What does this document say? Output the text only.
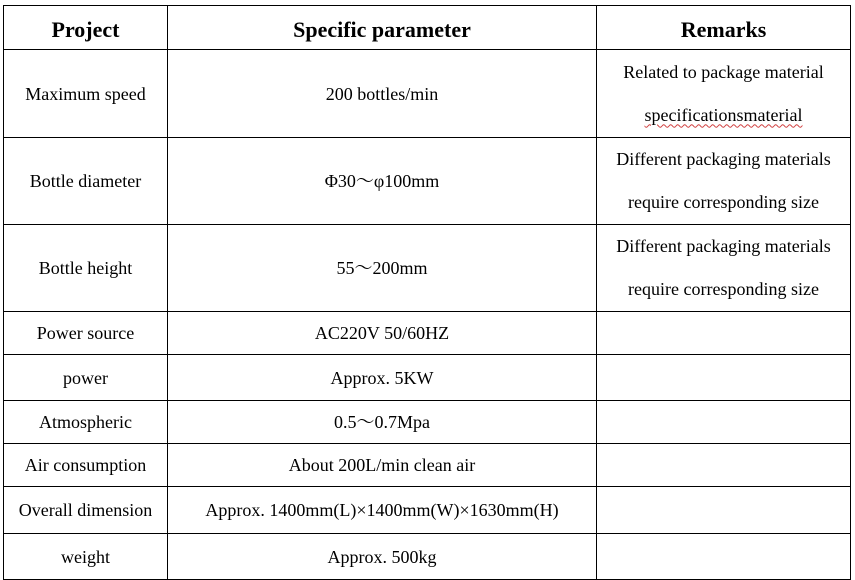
Project	Specific parameter	Remarks
Maximum speed	200 bottles/min	Related to package material
specificationsmaterial

Bottle diameter	Φ30～φ100mm	Different packaging materials
require corresponding size

Bottle height	55～200mm	Different packaging materials
require corresponding size

Power source	AC220V 50/60HZ	
power	Approx. 5KW	
Atmospheric	0.5～0.7Mpa	
Air consumption	About 200L/min clean air	
Overall dimension	Approx. 1400mm(L)×1400mm(W)×1630mm(H)	
weight	Approx. 500kg	
